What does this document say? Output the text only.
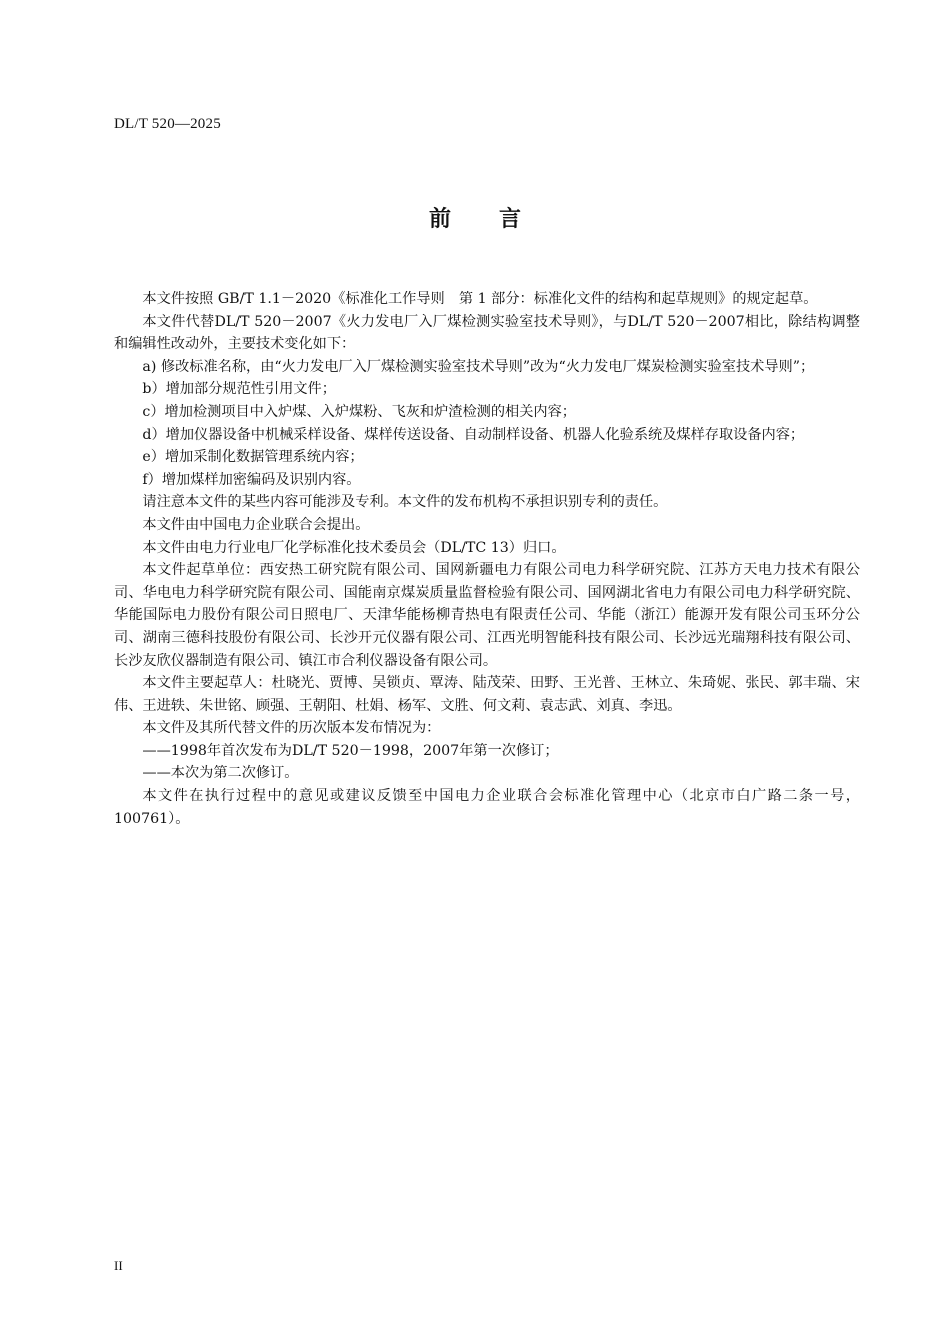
DL/T 520—2025
前 言

本文件按照 GB/T 1.1－2020《标准化工作导则　第 1 部分：标准化文件的结构和起草规则》的规定起草。

本文件代替DL/T 520－2007《火力发电厂入厂煤检测实验室技术导则》，与DL/T 520－2007相比，除结构调整和编辑性改动外，主要技术变化如下：

a) 修改标准名称，由“火力发电厂入厂煤检测实验室技术导则”改为“火力发电厂煤炭检测实验室技术导则”；

b）增加部分规范性引用文件；

c）增加检测项目中入炉煤、入炉煤粉、飞灰和炉渣检测的相关内容；

d）增加仪器设备中机械采样设备、煤样传送设备、自动制样设备、机器人化验系统及煤样存取设备内容；

e）增加采制化数据管理系统内容；

f）增加煤样加密编码及识别内容。

请注意本文件的某些内容可能涉及专利。本文件的发布机构不承担识别专利的责任。

本文件由中国电力企业联合会提出。

本文件由电力行业电厂化学标准化技术委员会（DL/TC 13）归口。

本文件起草单位：西安热工研究院有限公司、国网新疆电力有限公司电力科学研究院、江苏方天电力技术有限公司、华电电力科学研究院有限公司、国能南京煤炭质量监督检验有限公司、国网湖北省电力有限公司电力科学研究院、华能国际电力股份有限公司日照电厂、天津华能杨柳青热电有限责任公司、华能（浙江）能源开发有限公司玉环分公司、湖南三德科技股份有限公司、长沙开元仪器有限公司、江西光明智能科技有限公司、长沙远光瑞翔科技有限公司、长沙友欣仪器制造有限公司、镇江市合利仪器设备有限公司。

本文件主要起草人：杜晓光、贾博、吴锁贞、覃涛、陆茂荣、田野、王光普、王林立、朱琦妮、张民、郭丰瑞、宋伟、王进轶、朱世铭、顾强、王朝阳、杜娟、杨军、文胜、何文莉、袁志武、刘真、李迅。

本文件及其所代替文件的历次版本发布情况为：

——1998年首次发布为DL/T 520－1998，2007年第一次修订；

——本次为第二次修订。

本文件在执行过程中的意见或建议反馈至中国电力企业联合会标准化管理中心（北京市白广路二条一号，100761）。

II
